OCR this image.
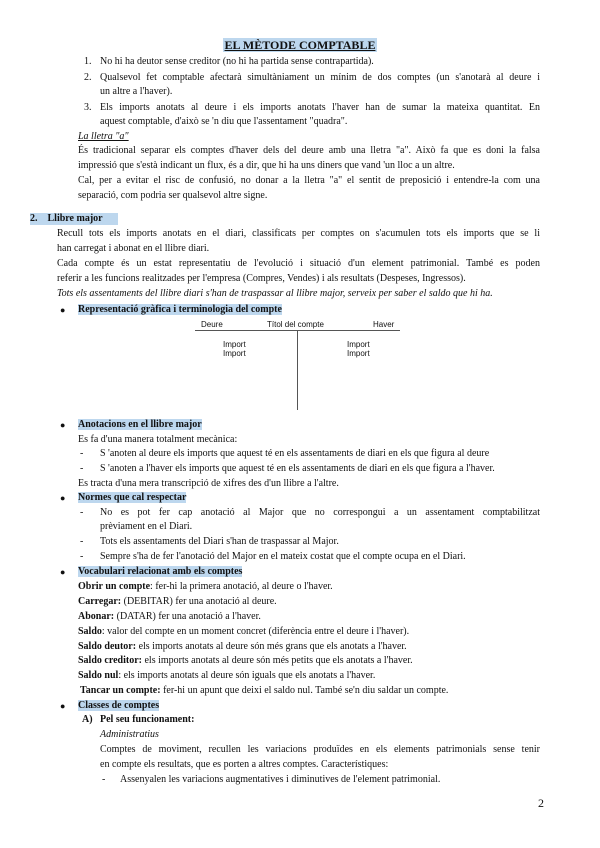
EL MÈTODE COMPTABLE
1. No hi ha deutor sense creditor (no hi ha partida sense contrapartida).
2. Qualsevol fet comptable afectarà simultàniament un mínim de dos comptes (un s'anotarà al deure i
un altre a l'haver).
3. Els imports anotats al deure i els imports anotats l'haver han de sumar la mateixa quantitat. En
aquest comptable, d'això se 'n diu que l'assentament "quadra".
La lletra "a"
És tradicional separar els comptes d'haver dels del deure amb una lletra "a". Això fa que es doni la falsa
impressió que s'està indicant un flux, és a dir, que hi ha uns diners que vand 'un lloc a un altre.
Cal, per a evitar el risc de confusió, no donar a la lletra "a" el sentit de preposició i entendre-la com una
separació, com podria ser qualsevol altre signe.
2. Llibre major
Recull tots els imports anotats en el diari, classificats per comptes on s'acumulen tots els imports que se li
han carregat i abonat en el llibre diari.
Cada compte és un estat representatiu de l'evolució i situació d'un element patrimonial. També es poden
referir a les funcions realitzades per l'empresa (Compres, Vendes) i als resultats (Despeses, Ingressos).
Tots els assentaments del llibre diari s'han de traspassar al llibre major, serveix per saber el saldo que hi ha.
● Representació gràfica i terminologia del compte
Deure	Títol del compte	Haver
Import
Import
Import
Import
● Anotacions en el llibre major
Es fa d'una manera totalment mecànica:
- S 'anoten al deure els imports que aquest té en els assentaments de diari en els que figura al deure
- S 'anoten a l'haver els imports que aquest té en els assentaments de diari en els que figura a l'haver.
Es tracta d'una mera transcripció de xifres des d'un llibre a l'altre.
● Normes que cal respectar
- No es pot fer cap anotació al Major que no correspongui a un assentament comptabilitzat
prèviament en el Diari.
- Tots els assentaments del Diari s'han de traspassar al Major.
- Sempre s'ha de fer l'anotació del Major en el mateix costat que el compte ocupa en el Diari.
● Vocabulari relacionat amb els comptes
Obrir un compte: fer-hi la primera anotació, al deure o l'haver.
Carregar: (DEBITAR) fer una anotació al deure.
Abonar: (DATAR) fer una anotació a l'haver.
Saldo: valor del compte en un moment concret (diferència entre el deure i l'haver).
Saldo deutor: els imports anotats al deure són més grans que els anotats a l'haver.
Saldo creditor: els imports anotats al deure són més petits que els anotats a l'haver.
Saldo nul: els imports anotats al deure són iguals que els anotats a l'haver.
Tancar un compte: fer-hi un apunt que deixi el saldo nul. També se'n diu saldar un compte.
● Classes de comptes
A) Pel seu funcionament:
Administratius
Comptes de moviment, recullen les variacions produïdes en els elements patrimonials sense tenir
en compte els resultats, que es porten a altres comptes. Característiques:
- Assenyalen les variacions augmentatives i diminutives de l'element patrimonial.
2
